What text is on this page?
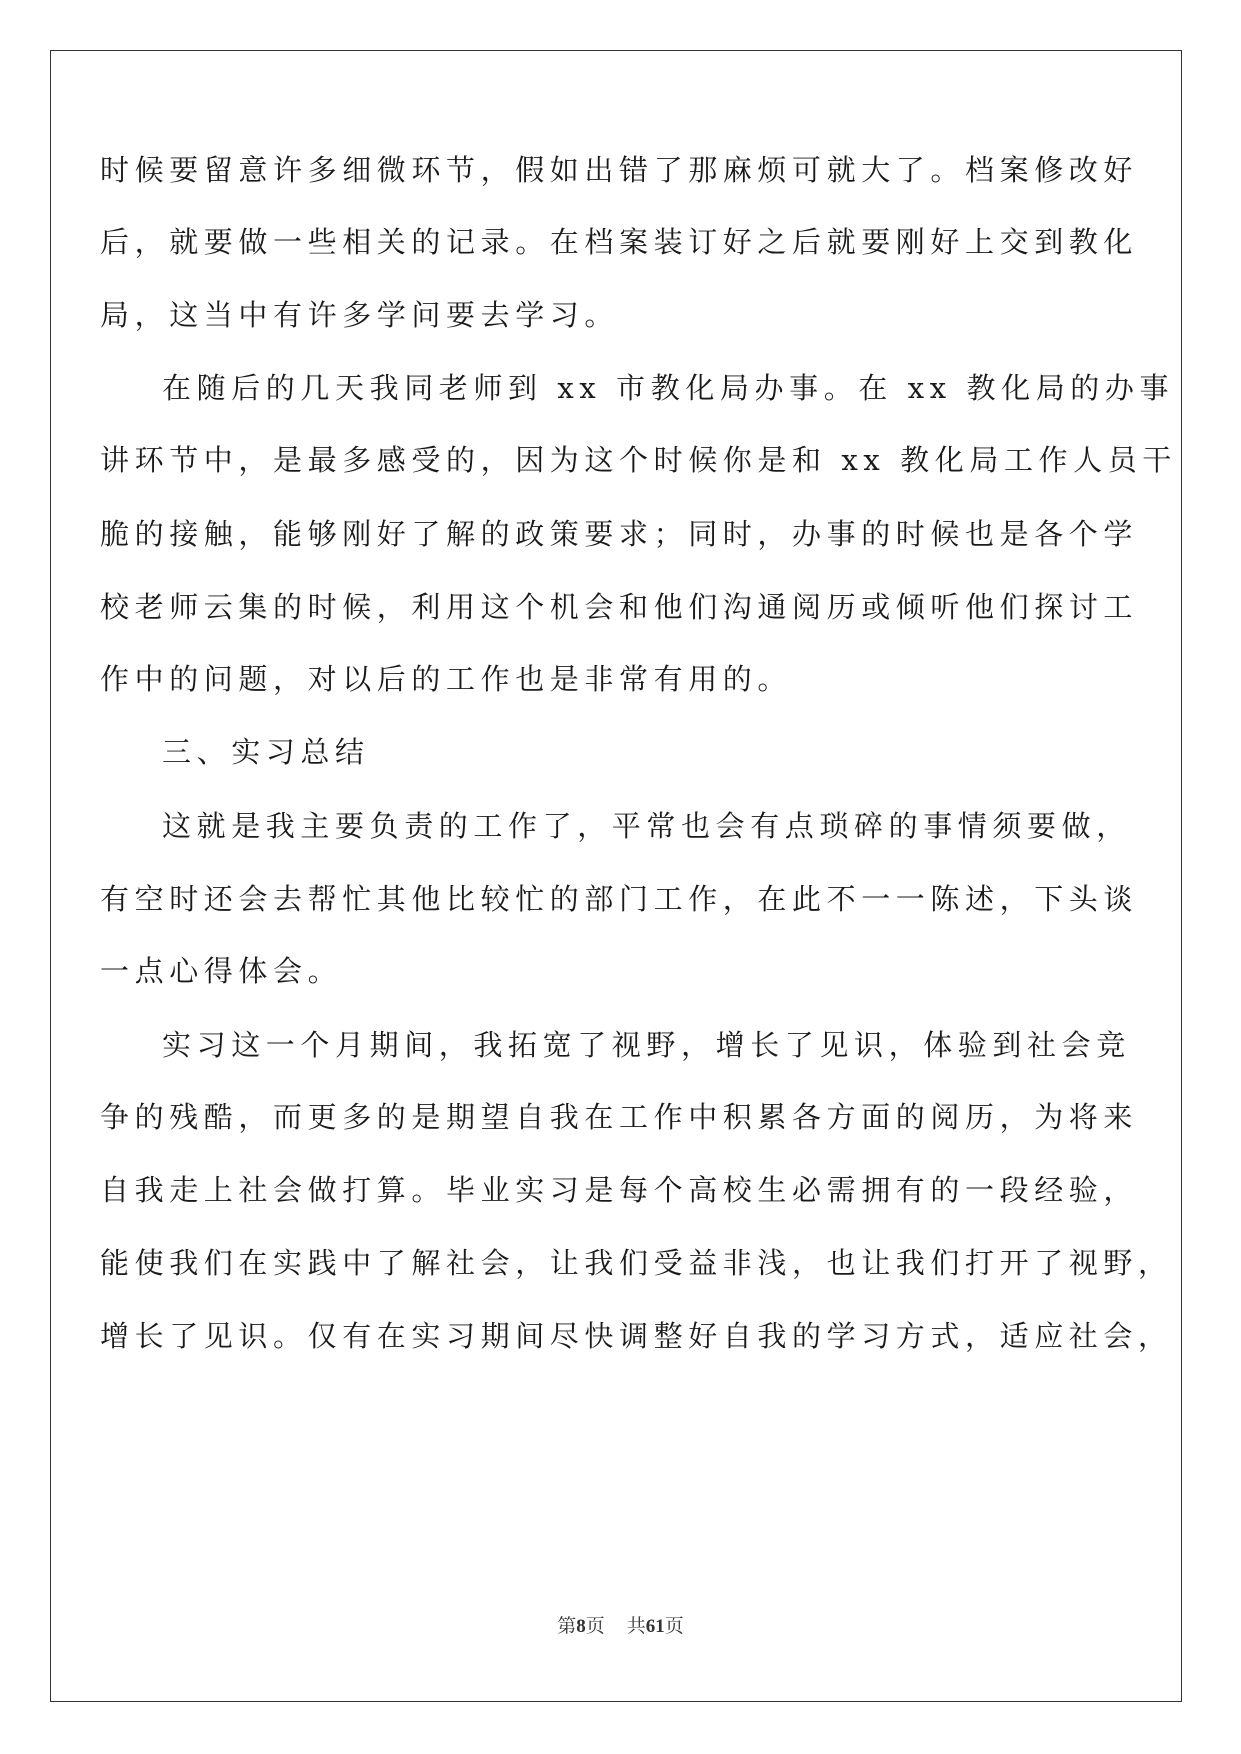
时候要留意许多细微环节，假如出错了那麻烦可就大了。档案修改好
后，就要做一些相关的记录。在档案装订好之后就要刚好上交到教化
局，这当中有许多学问要去学习。
在随后的几天我同老师到 xx 市教化局办事。在 xx 教化局的办事
讲环节中，是最多感受的，因为这个时候你是和 xx 教化局工作人员干
脆的接触，能够刚好了解的政策要求；同时，办事的时候也是各个学
校老师云集的时候，利用这个机会和他们沟通阅历或倾听他们探讨工
作中的问题，对以后的工作也是非常有用的。
三、实习总结
这就是我主要负责的工作了，平常也会有点琐碎的事情须要做，
有空时还会去帮忙其他比较忙的部门工作，在此不一一陈述，下头谈
一点心得体会。
实习这一个月期间，我拓宽了视野，增长了见识，体验到社会竞
争的残酷，而更多的是期望自我在工作中积累各方面的阅历，为将来
自我走上社会做打算。毕业实习是每个高校生必需拥有的一段经验，
能使我们在实践中了解社会，让我们受益非浅，也让我们打开了视野，
增长了见识。仅有在实习期间尽快调整好自我的学习方式，适应社会，
第8页 共61页
